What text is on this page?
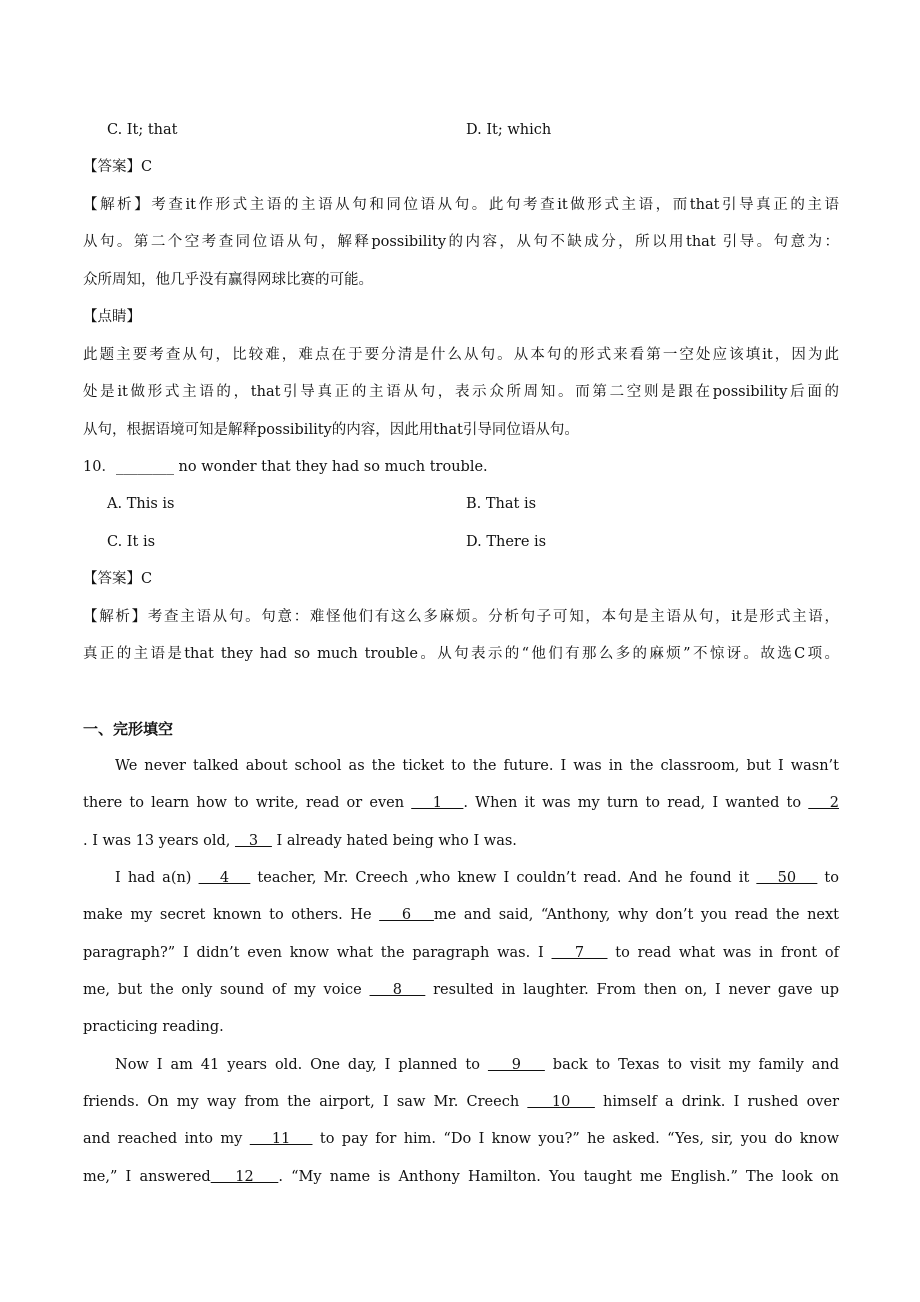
C. It; that	D. It; which
【答案】C
【解析】考查it作形式主语的主语从句和同位语从句。此句考查it做形式主语，而that引导真正的主语
从句。第二个空考查同位语从句，解释possibility的内容，从句不缺成分，所以用that 引导。句意为：
众所周知，他几乎没有赢得网球比赛的可能。
【点睛】
此题主要考查从句，比较难，难点在于要分清是什么从句。从本句的形式来看第一空处应该填it，因为此
处是it做形式主语的，that引导真正的主语从句，表示众所周知。而第二空则是跟在possibility后面的
从句，根据语境可知是解释possibility的内容，因此用that引导同位语从句。
10．________ no wonder that they had so much trouble.
A. This is	B. That is
C. It is	D. There is
【答案】C
【解析】考查主语从句。句意：难怪他们有这么多麻烦。分析句子可知，本句是主语从句，it是形式主语，
真正的主语是that they had so much trouble。从句表示的“他们有那么多的麻烦”不惊讶。故选C项。
一、完形填空
We never talked about school as the ticket to the future. I was in the classroom, but I wasn’t
there to learn how to write, read or even    1   . When it was my turn to read, I wanted to    2
. I was 13 years old,    3    I already hated being who I was.
I had a(n)    4    teacher, Mr. Creech ,who knew I couldn’t read. And he found it    50    to
make my secret known to others. He    6   me and said, “Anthony, why don’t you read the next
paragraph?” I didn’t even know what the paragraph was. I    7    to read what was in front of
me, but the only sound of my voice    8    resulted in laughter. From then on, I never gave up
practicing reading.
Now I am 41 years old. One day, I planned to    9    back to Texas to visit my family and
friends. On my way from the airport, I saw Mr. Creech    10    himself a drink. I rushed over
and reached into my    11    to pay for him. “Do I know you?” he asked. “Yes, sir, you do know
me,” I answered   12   . “My name is Anthony Hamilton. You taught me English.” The look on
